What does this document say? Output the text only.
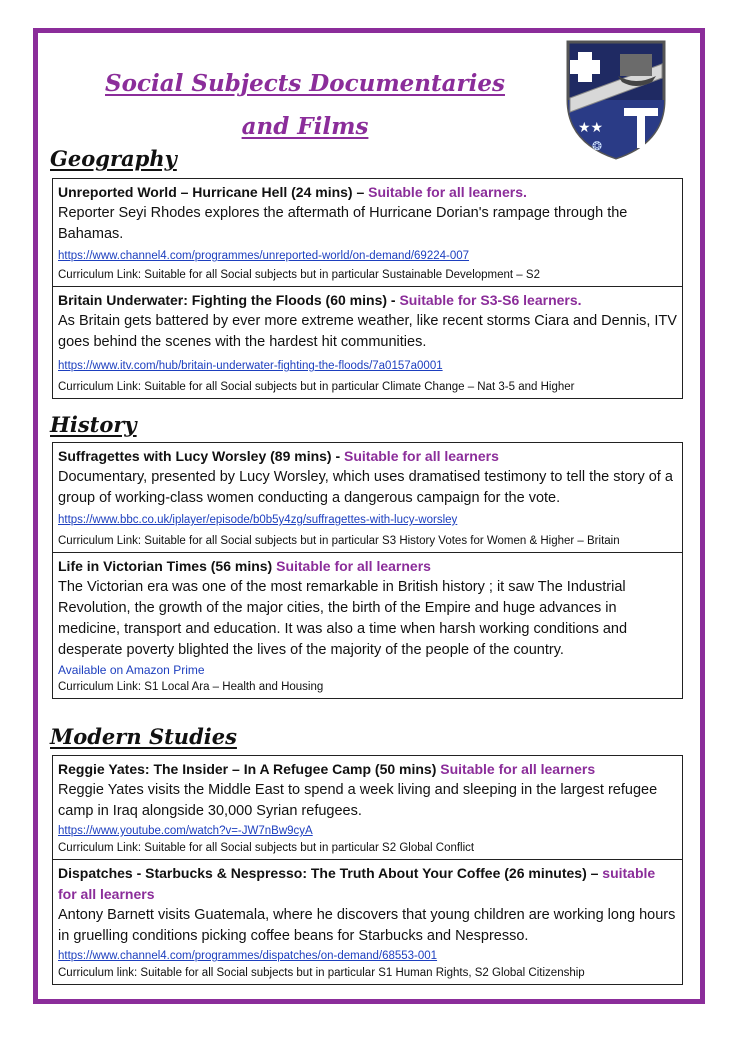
Social Subjects Documentaries and Films	★★
❂
Geography
Unreported World – Hurricane Hell (24 mins) – Suitable for all learners.
Reporter Seyi Rhodes explores the aftermath of Hurricane Dorian's rampage through the Bahamas.
https://www.channel4.com/programmes/unreported-world/on-demand/69224-007
Curriculum Link: Suitable for all Social subjects but in particular Sustainable Development – S2
Britain Underwater: Fighting the Floods (60 mins) - Suitable for S3-S6 learners.
As Britain gets battered by ever more extreme weather, like recent storms Ciara and Dennis, ITV goes behind the scenes with the hardest hit communities.
https://www.itv.com/hub/britain-underwater-fighting-the-floods/7a0157a0001
Curriculum Link: Suitable for all Social subjects but in particular Climate Change – Nat 3-5 and Higher
History
Suffragettes with Lucy Worsley (89 mins) - Suitable for all learners
Documentary, presented by Lucy Worsley, which uses dramatised testimony to tell the story of a group of working-class women conducting a dangerous campaign for the vote.
https://www.bbc.co.uk/iplayer/episode/b0b5y4zg/suffragettes-with-lucy-worsley
Curriculum Link: Suitable for all Social subjects but in particular S3 History Votes for Women & Higher – Britain
Life in Victorian Times (56 mins) Suitable for all learners
The Victorian era was one of the most remarkable in British history ; it saw The Industrial Revolution, the growth of the major cities, the birth of the Empire and huge advances in medicine, transport and education. It was also a time when harsh working conditions and desperate poverty blighted the lives of the majority of the people of the country.
Available on Amazon Prime
Curriculum Link: S1 Local Ara – Health and Housing
Modern Studies
Reggie Yates: The Insider – In A Refugee Camp (50 mins) Suitable for all learners
Reggie Yates visits the Middle East to spend a week living and sleeping in the largest refugee camp in Iraq alongside 30,000 Syrian refugees.
https://www.youtube.com/watch?v=-JW7nBw9cyA
Curriculum Link: Suitable for all Social subjects but in particular S2 Global Conflict
Dispatches - Starbucks & Nespresso: The Truth About Your Coffee (26 minutes) – suitable for all learners
Antony Barnett visits Guatemala, where he discovers that young children are working long hours in gruelling conditions picking coffee beans for Starbucks and Nespresso.
https://www.channel4.com/programmes/dispatches/on-demand/68553-001
Curriculum link: Suitable for all Social subjects but in particular S1 Human Rights, S2 Global Citizenship
